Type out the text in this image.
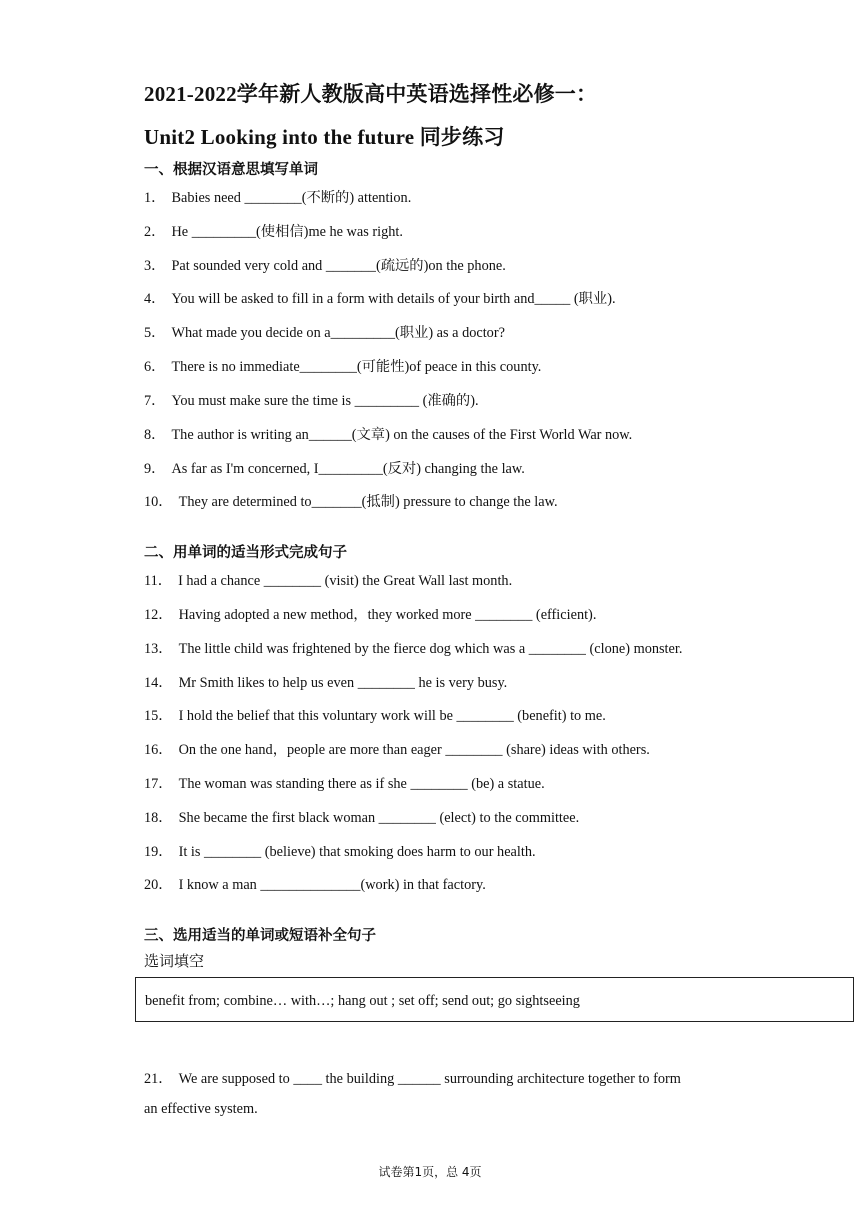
2021-2022学年新人教版高中英语选择性必修一：
Unit2 Looking into the future 同步练习
一、根据汉语意思填写单词
1． Babies need ________(不断的) attention.
2． He _________(使相信)me he was right.
3． Pat sounded very cold and _______(疏远的)on the phone.
4． You will be asked to fill in a form with details of your birth and_____ (职业).
5． What made you decide on a_________(职业) as a doctor?
6． There is no immediate________(可能性)of peace in this county.
7． You must make sure the time is _________ (准确的).
8． The author is writing an______(文章) on the causes of the First World War now.
9． As far as I'm concerned, I_________(反对) changing the law.
10． They are determined to_______(抵制) pressure to change the law.
二、用单词的适当形式完成句子
11． I had a chance ________ (visit) the Great Wall last month.
12． Having adopted a new method，they worked more ________ (efficient).
13． The little child was frightened by the fierce dog which was a ________ (clone) monster.
14． Mr Smith likes to help us even ________ he is very busy.
15． I hold the belief that this voluntary work will be ________ (benefit) to me.
16． On the one hand，people are more than eager ________ (share) ideas with others.
17． The woman was standing there as if she ________ (be) a statue.
18． She became the first black woman ________ (elect) to the committee.
19． It is ________ (believe) that smoking does harm to our health.
20． I know a man ______________(work) in that factory.
三、选用适当的单词或短语补全句子
选词填空
benefit from; combine… with…; hang out ; set off; send out; go sightseeing
21． We are supposed to ____ the building ______ surrounding architecture together to form
an effective system.
试卷第1页，总 4页
